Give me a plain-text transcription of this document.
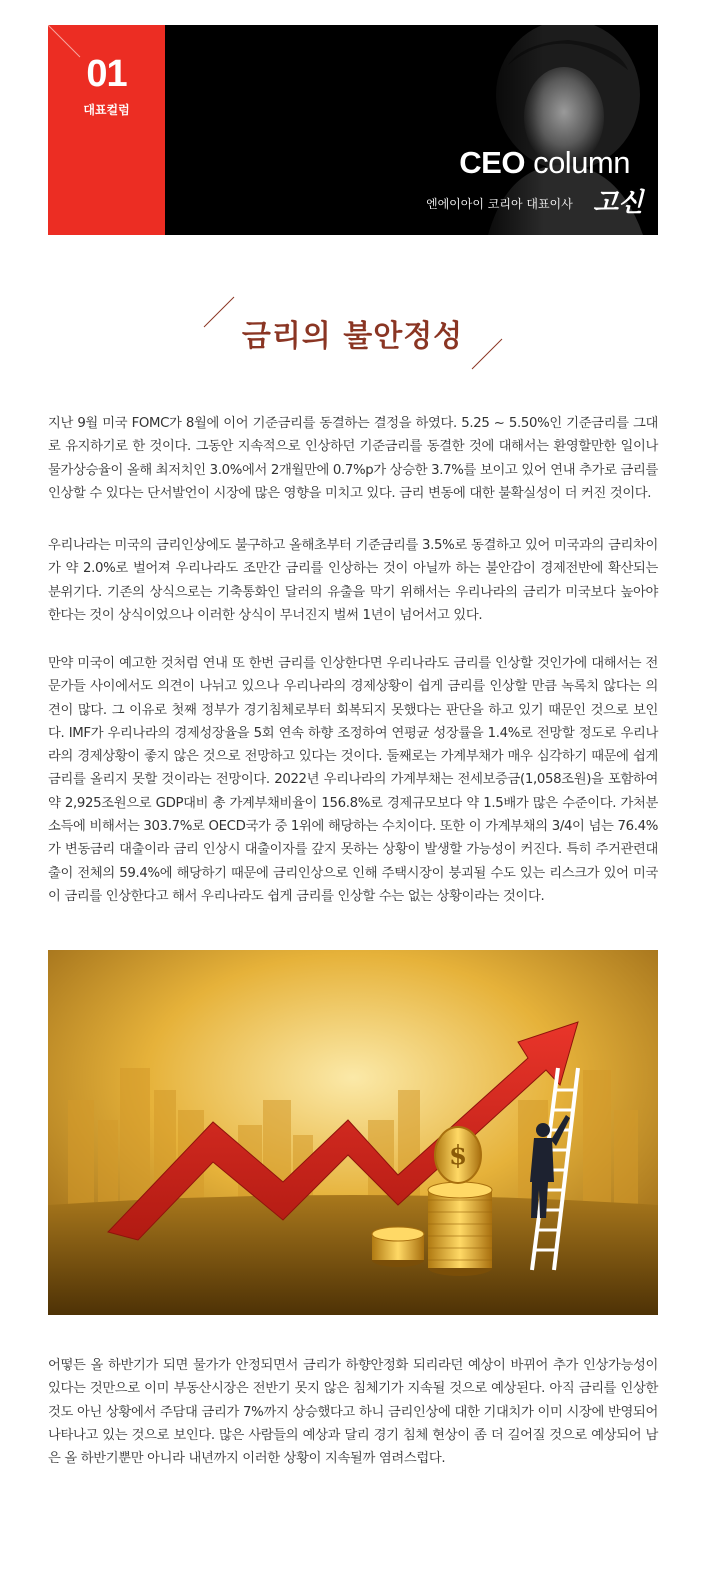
01
대표컬럼
CEO column
엔에이아이 코리아 대표이사 고신
금리의 불안정성

지난 9월 미국 FOMC가 8월에 이어 기준금리를 동결하는 결정을 하였다. 5.25 ~ 5.50%인 기준금리를 그대로 유지하기로 한 것이다. 그동안 지속적으로 인상하던 기준금리를 동결한 것에 대해서는 환영할만한 일이나 물가상승율이 올해 최저치인 3.0%에서 2개월만에 0.7%p가 상승한 3.7%를 보이고 있어 연내 추가로 금리를 인상할 수 있다는 단서발언이 시장에 많은 영향을 미치고 있다. 금리 변동에 대한 불확실성이 더 커진 것이다.

우리나라는 미국의 금리인상에도 불구하고 올해초부터 기준금리를 3.5%로 동결하고 있어 미국과의 금리차이가 약 2.0%로 벌어져 우리나라도 조만간 금리를 인상하는 것이 아닐까 하는 불안감이 경제전반에 확산되는 분위기다. 기존의 상식으로는 기축통화인 달러의 유출을 막기 위해서는 우리나라의 금리가 미국보다 높아야 한다는 것이 상식이었으나 이러한 상식이 무너진지 벌써 1년이 넘어서고 있다.

만약 미국이 예고한 것처럼 연내 또 한번 금리를 인상한다면 우리나라도 금리를 인상할 것인가에 대해서는 전문가들 사이에서도 의견이 나뉘고 있으나 우리나라의 경제상황이 쉽게 금리를 인상할 만큼 녹록치 않다는 의견이 많다. 그 이유로 첫째 정부가 경기침체로부터 회복되지 못했다는 판단을 하고 있기 때문인 것으로 보인다. IMF가 우리나라의 경제성장율을 5회 연속 하향 조정하여 연평균 성장률을 1.4%로 전망할 정도로 우리나라의 경제상황이 좋지 않은 것으로 전망하고 있다는 것이다. 둘째로는 가계부채가 매우 심각하기 때문에 쉽게 금리를 올리지 못할 것이라는 전망이다. 2022년 우리나라의 가계부채는 전세보증금(1,058조원)을 포함하여 약 2,925조원으로 GDP대비 총 가계부채비율이 156.8%로 경제규모보다 약 1.5배가 많은 수준이다. 가처분소득에 비해서는 303.7%로 OECD국가 중 1위에 해당하는 수치이다. 또한 이 가계부채의 3/4이 넘는 76.4%가 변동금리 대출이라 금리 인상시 대출이자를 갚지 못하는 상황이 발생할 가능성이 커진다. 특히 주거관련대출이 전체의 59.4%에 해당하기 때문에 금리인상으로 인해 주택시장이 붕괴될 수도 있는 리스크가 있어 미국이 금리를 인상한다고 해서 우리나라도 쉽게 금리를 인상할 수는 없는 상황이라는 것이다.

$

어떻든 올 하반기가 되면 물가가 안정되면서 금리가 하향안정화 되리라던 예상이 바뀌어 추가 인상가능성이 있다는 것만으로 이미 부동산시장은 전반기 못지 않은 침체기가 지속될 것으로 예상된다. 아직 금리를 인상한 것도 아닌 상황에서 주담대 금리가 7%까지 상승했다고 하니 금리인상에 대한 기대치가 이미 시장에 반영되어 나타나고 있는 것으로 보인다. 많은 사람들의 예상과 달리 경기 침체 현상이 좀 더 길어질 것으로 예상되어 남은 올 하반기뿐만 아니라 내년까지 이러한 상황이 지속될까 염려스럽다.
